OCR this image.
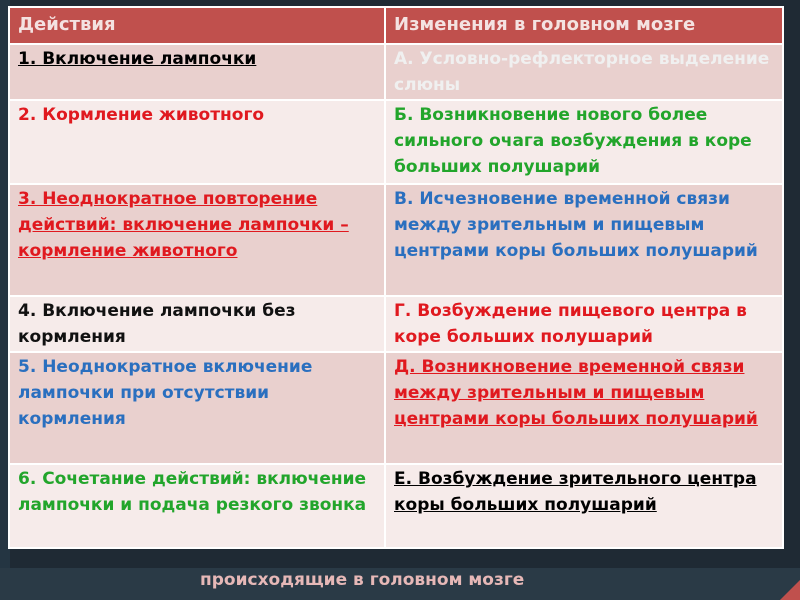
происходящие в головном мозге
Действия	Изменения в головном мозге
1. Включение лампочки	А. Условно-рефлекторное выделение слюны
2. Кормление животного	Б. Возникновение нового более сильного очага возбуждения в коре больших полушарий
3. Неоднократное повторение действий: включение лампочки – кормление животного	В. Исчезновение временной связи между зрительным и пищевым центрами коры больших полушарий
4. Включение лампочки без кормления	Г. Возбуждение пищевого центра в коре больших полушарий
5. Неоднократное включение лампочки при отсутствии кормления	Д. Возникновение временной связи между зрительным и пищевым центрами коры больших полушарий
6. Сочетание действий: включение лампочки и подача резкого звонка	Е. Возбуждение зрительного центра коры больших полушарий
